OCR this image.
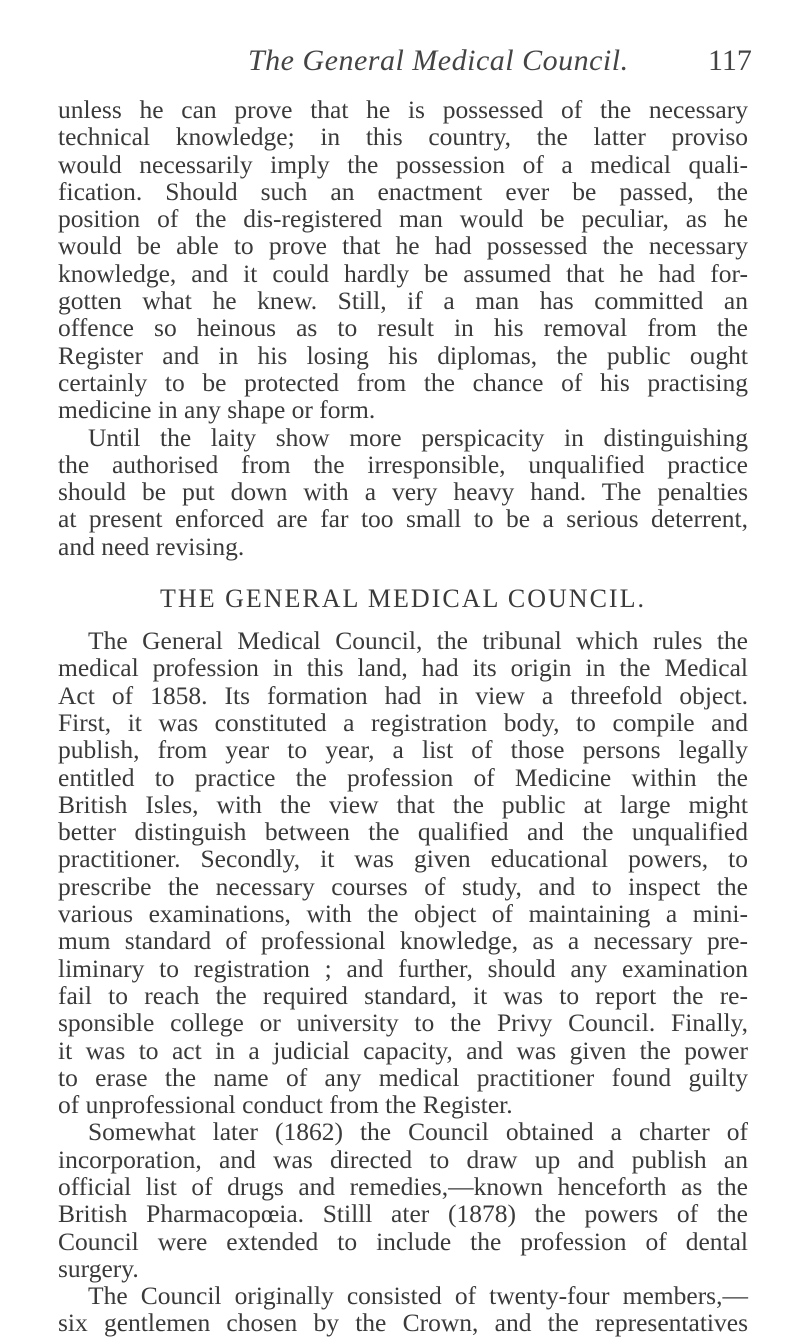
The General Medical Council.	117
unless he can prove that he is possessed of the necessary
technical knowledge; in this country, the latter proviso
would necessarily imply the possession of a medical quali-
fication. Should such an enactment ever be passed, the
position of the dis-registered man would be peculiar, as he
would be able to prove that he had possessed the necessary
knowledge, and it could hardly be assumed that he had for-
gotten what he knew. Still, if a man has committed an
offence so heinous as to result in his removal from the
Register and in his losing his diplomas, the public ought
certainly to be protected from the chance of his practising
medicine in any shape or form.
Until the laity show more perspicacity in distinguishing
the authorised from the irresponsible, unqualified practice
should be put down with a very heavy hand. The penalties
at present enforced are far too small to be a serious deterrent,
and need revising.
THE GENERAL MEDICAL COUNCIL.
The General Medical Council, the tribunal which rules the
medical profession in this land, had its origin in the Medical
Act of 1858. Its formation had in view a threefold object.
First, it was constituted a registration body, to compile and
publish, from year to year, a list of those persons legally
entitled to practice the profession of Medicine within the
British Isles, with the view that the public at large might
better distinguish between the qualified and the unqualified
practitioner. Secondly, it was given educational powers, to
prescribe the necessary courses of study, and to inspect the
various examinations, with the object of maintaining a mini-
mum standard of professional knowledge, as a necessary pre-
liminary to registration ; and further, should any examination
fail to reach the required standard, it was to report the re-
sponsible college or university to the Privy Council. Finally,
it was to act in a judicial capacity, and was given the power
to erase the name of any medical practitioner found guilty
of unprofessional conduct from the Register.
Somewhat later (1862) the Council obtained a charter of
incorporation, and was directed to draw up and publish an
official list of drugs and remedies,—known henceforth as the
British Pharmacopœia. Stilll ater (1878) the powers of the
Council were extended to include the profession of dental
surgery.
The Council originally consisted of twenty-four members,—
six gentlemen chosen by the Crown, and the representatives
